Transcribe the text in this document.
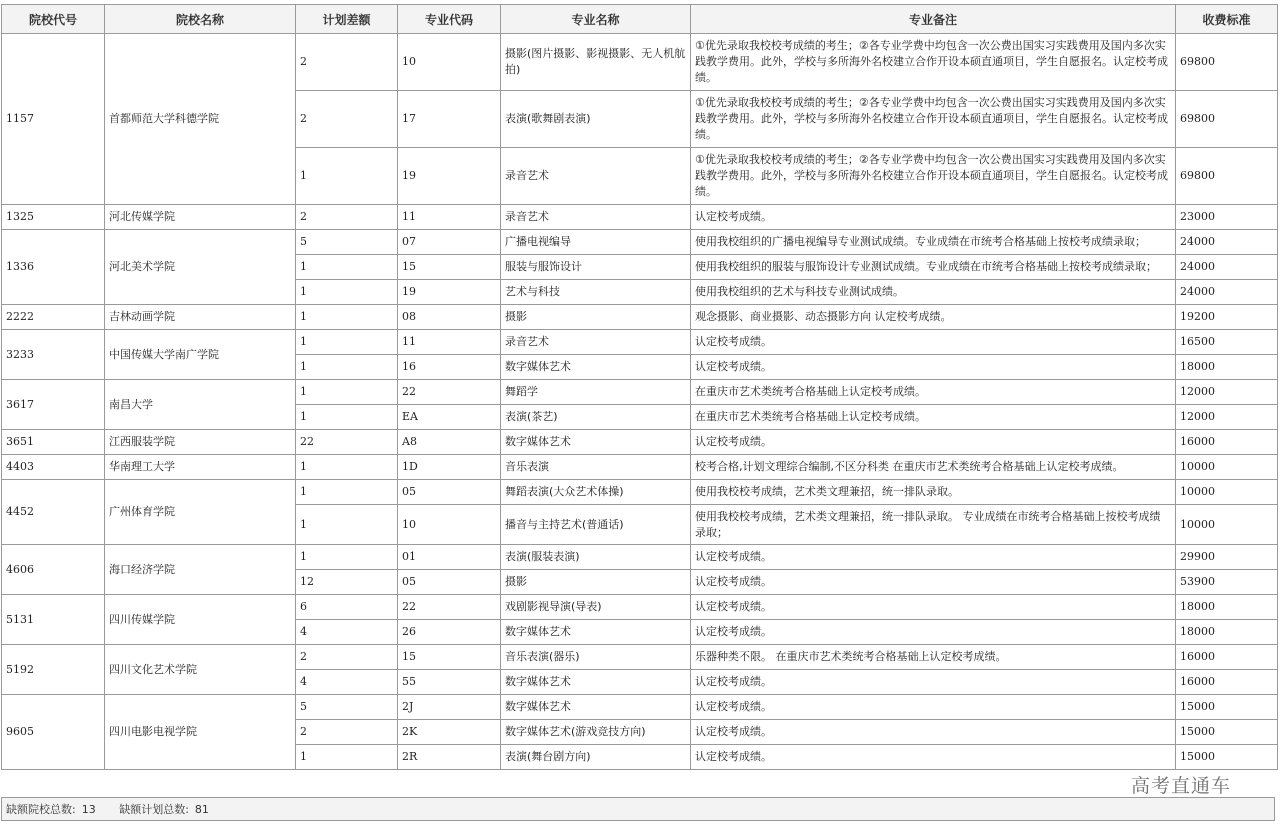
院校代号	院校名称	计划差额	专业代码	专业名称	专业备注	收费标准
1157	首都师范大学科德学院	2	10	摄影(图片摄影、影视摄影、无人机航拍)	①优先录取我校校考成绩的考生；②各专业学费中均包含一次公费出国实习实践费用及国内多次实践教学费用。此外，学校与多所海外名校建立合作开设本硕直通项目，学生自愿报名。认定校考成绩。	69800
		2	17	表演(歌舞剧表演)	①优先录取我校校考成绩的考生；②各专业学费中均包含一次公费出国实习实践费用及国内多次实践教学费用。此外，学校与多所海外名校建立合作开设本硕直通项目，学生自愿报名。认定校考成绩。	69800
		1	19	录音艺术	①优先录取我校校考成绩的考生；②各专业学费中均包含一次公费出国实习实践费用及国内多次实践教学费用。此外，学校与多所海外名校建立合作开设本硕直通项目，学生自愿报名。认定校考成绩。	69800
1325	河北传媒学院	2	11	录音艺术	认定校考成绩。	23000
1336	河北美术学院	5	07	广播电视编导	使用我校组织的广播电视编导专业测试成绩。专业成绩在市统考合格基础上按校考成绩录取；	24000
		1	15	服装与服饰设计	使用我校组织的服装与服饰设计专业测试成绩。专业成绩在市统考合格基础上按校考成绩录取；	24000
		1	19	艺术与科技	使用我校组织的艺术与科技专业测试成绩。	24000
2222	吉林动画学院	1	08	摄影	观念摄影、商业摄影、动态摄影方向 认定校考成绩。	19200
3233	中国传媒大学南广学院	1	11	录音艺术	认定校考成绩。	16500
		1	16	数字媒体艺术	认定校考成绩。	18000
3617	南昌大学	1	22	舞蹈学	在重庆市艺术类统考合格基础上认定校考成绩。	12000
		1	EA	表演(茶艺)	在重庆市艺术类统考合格基础上认定校考成绩。	12000
3651	江西服装学院	22	A8	数字媒体艺术	认定校考成绩。	16000
4403	华南理工大学	1	1D	音乐表演	校考合格,计划文理综合编制,不区分科类 在重庆市艺术类统考合格基础上认定校考成绩。	10000
4452	广州体育学院	1	05	舞蹈表演(大众艺术体操)	使用我校校考成绩，艺术类文理兼招，统一排队录取。	10000
		1	10	播音与主持艺术(普通话)	使用我校校考成绩，艺术类文理兼招，统一排队录取。 专业成绩在市统考合格基础上按校考成绩录取；	10000
4606	海口经济学院	1	01	表演(服装表演)	认定校考成绩。	29900
		12	05	摄影	认定校考成绩。	53900
5131	四川传媒学院	6	22	戏剧影视导演(导表)	认定校考成绩。	18000
		4	26	数字媒体艺术	认定校考成绩。	18000
5192	四川文化艺术学院	2	15	音乐表演(器乐)	乐器种类不限。 在重庆市艺术类统考合格基础上认定校考成绩。	16000
		4	55	数字媒体艺术	认定校考成绩。	16000
9605	四川电影电视学院	5	2J	数字媒体艺术	认定校考成绩。	15000
		2	2K	数字媒体艺术(游戏竞技方向)	认定校考成绩。	15000
		1	2R	表演(舞台剧方向)	认定校考成绩。	15000
缺额院校总数: 13 缺额计划总数: 81
高考直通车
